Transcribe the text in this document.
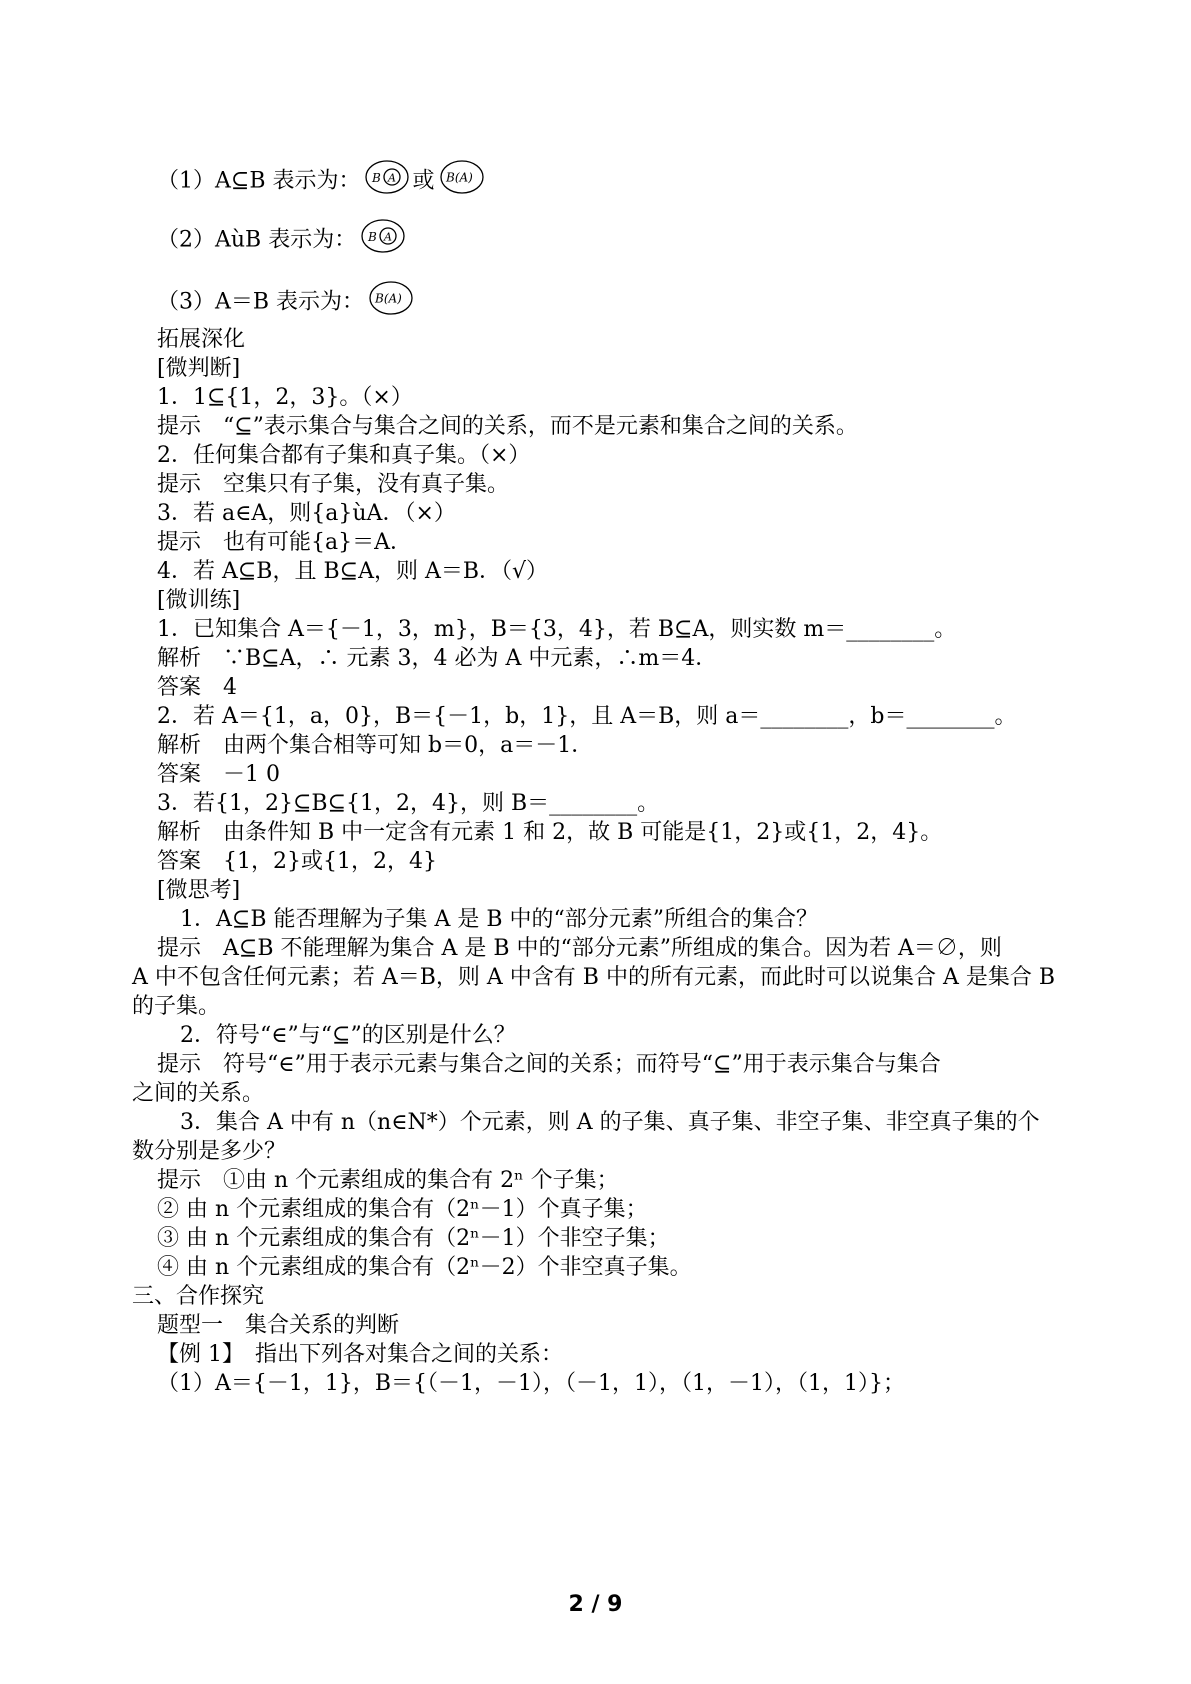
（1）A⊆B 表示为： B A 或 B(A)
（2）AùB 表示为： B A
（3）A＝B 表示为： B(A)
拓展深化
[微判断]
1．1⊆{1，2，3}。（×）
提示　“⊆”表示集合与集合之间的关系，而不是元素和集合之间的关系。
2．任何集合都有子集和真子集。（×）
提示　空集只有子集，没有真子集。
3．若 a∈A，则{a}ùA．（×）
提示　也有可能{a}＝A．
4．若 A⊆B，且 B⊆A，则 A＝B．（√）
[微训练]
1．已知集合 A＝{－1，3，m}，B＝{3，4}，若 B⊆A，则实数 m＝________。
解析　∵B⊆A，∴ 元素 3，4 必为 A 中元素，∴m＝4．
答案　4
2．若 A＝{1，a，0}，B＝{－1，b，1}，且 A＝B，则 a＝________，b＝________。
解析　由两个集合相等可知 b＝0，a＝－1．
答案　－1 0
3．若{1，2}⊆B⊆{1，2，4}，则 B＝________。
解析　由条件知 B 中一定含有元素 1 和 2，故 B 可能是{1，2}或{1，2，4}。
答案　{1，2}或{1，2，4}
[微思考]
1．A⊆B 能否理解为子集 A 是 B 中的“部分元素”所组合的集合？
提示　A⊆B 不能理解为集合 A 是 B 中的“部分元素”所组成的集合。因为若 A＝∅，则
A 中不包含任何元素；若 A＝B，则 A 中含有 B 中的所有元素，而此时可以说集合 A 是集合 B
的子集。
2．符号“∈”与“⊆”的区别是什么？
提示　符号“∈”用于表示元素与集合之间的关系；而符号“⊆”用于表示集合与集合
之间的关系。
3．集合 A 中有 n（n∈N*）个元素，则 A 的子集、真子集、非空子集、非空真子集的个
数分别是多少？
提示　①由 n 个元素组成的集合有 2ⁿ 个子集；
② 由 n 个元素组成的集合有（2ⁿ－1）个真子集；
③ 由 n 个元素组成的集合有（2ⁿ－1）个非空子集；
④ 由 n 个元素组成的集合有（2ⁿ－2）个非空真子集。
三、合作探究
题型一　集合关系的判断
【例 1】　指出下列各对集合之间的关系：
（1）A＝{－1，1}，B＝{（－1，－1），（－1，1），（1，－1），（1，1）}；
2 / 9
